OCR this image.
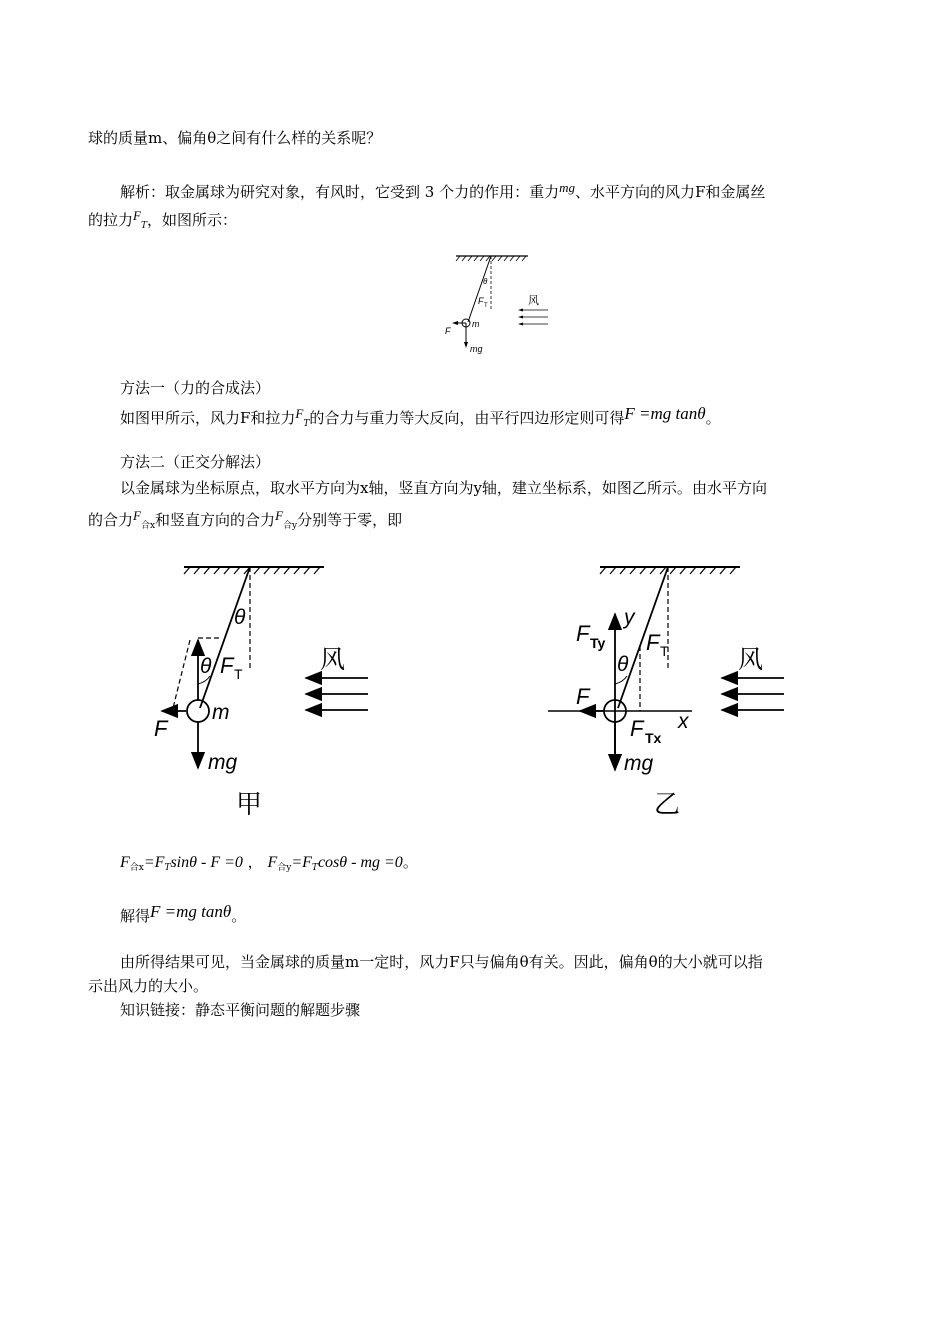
球的质量m、偏角θ之间有什么样的关系呢？
解析：取金属球为研究对象，有风时，它受到 3 个力的作用：重力mg、水平方向的风力F和金属丝
的拉力$F_T$，如图所示：
θ
F T
m
F
mg
风
方法一（力的合成法）
如图甲所示，风力F和拉力$F_T$的合力与重力等大反向，由平行四边形定则可得F =mg tanθ。
方法二（正交分解法）
以金属球为坐标原点，取水平方向为x轴，竖直方向为y轴，建立坐标系，如图乙所示。由水平方向
的合力$F_{合x}$和竖直方向的合力$F_{合y}$分别等于零，即
θ
θ F T
m
F
mg
风
甲
y
F Ty F T
θ
F
F Tx
x
mg
风
乙
$F_{合x}=F_T\sin\theta - F =0$ ， $F_{合y}=F_T\cos\theta$ - mg =0。
解得F =mg tanθ。
由所得结果可见，当金属球的质量m一定时，风力F只与偏角θ有关。因此，偏角θ的大小就可以指
示出风力的大小。
知识链接：静态平衡问题的解题步骤
